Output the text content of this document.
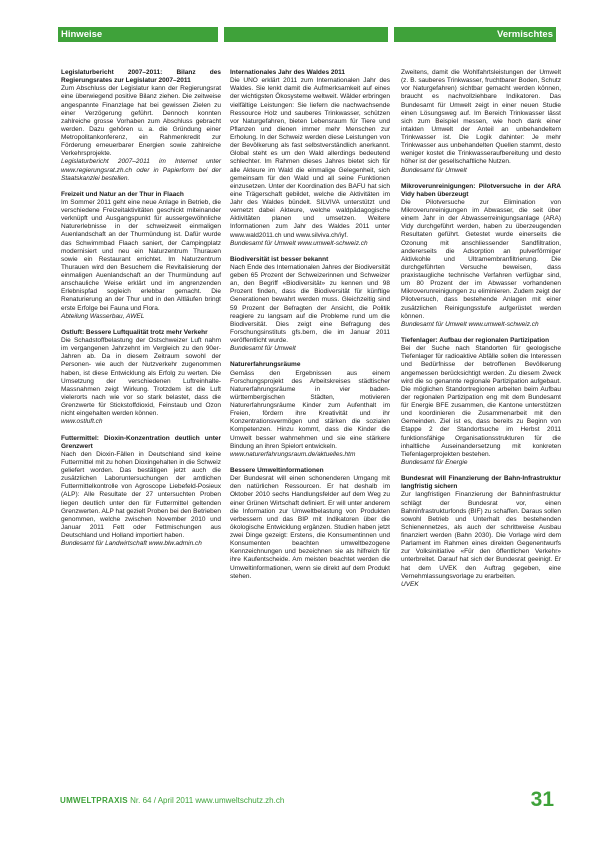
Hinweise	Vermischtes

Legislaturbericht 2007–2011: Bilanz des Regierungsrates zur Legislatur 2007–2011

Zum Abschluss der Legislatur kann der Regierungsrat eine überwiegend positive Bilanz ziehen. Die zeitweise angespannte Finanzlage hat bei gewissen Zielen zu einer Verzögerung geführt. Dennoch konnten zahlreiche grosse Vorhaben zum Abschluss gebracht werden. Dazu gehören u. a. die Gründung einer Metropolitankonferenz, ein Rahmenkredit zur Förderung erneuerbarer Energien sowie zahlreiche Verkehrsprojekte.

Legislaturbericht 2007–2011 im Internet unter www.regierungsrat.zh.ch oder in Papierform bei der Staatskanzlei bestellen.

Freizeit und Natur an der Thur in Flaach

Im Sommer 2011 geht eine neue Anlage in Betrieb, die verschiedene Freizeitaktivitäten geschickt miteinander verknüpft und Ausgangspunkt für aussergewöhnliche Naturerlebnisse in der schweizweit einmaligen Auenlandschaft an der Thurmündung ist. Dafür wurde das Schwimmbad Flaach saniert, der Campingplatz modernisiert und neu ein Naturzentrum Thurauen sowie ein Restaurant errichtet. Im Naturzentrum Thurauen wird den Besuchern die Revitalisierung der einmaligen Auenlandschaft an der Thurmündung auf anschauliche Weise erklärt und im angrenzenden Erlebnispfad sogleich erlebbar gemacht. Die Renaturierung an der Thur und in den Altläufen bringt erste Erfolge bei Fauna und Flora.

Abteilung Wasserbau, AWEL

Ostluft: Bessere Luftqualität trotz mehr Verkehr

Die Schadstoffbelastung der Ostschweizer Luft nahm im vergangenen Jahrzehnt im Vergleich zu den 90er-Jahren ab. Da in diesem Zeitraum sowohl der Personen- wie auch der Nutzverkehr zugenommen haben, ist diese Entwicklung als Erfolg zu werten. Die Umsetzung der verschiedenen Luftreinhalte-Massnahmen zeigt Wirkung. Trotzdem ist die Luft vielerorts nach wie vor so stark belastet, dass die Grenzwerte für Stickstoffdioxid, Feinstaub und Ozon nicht eingehalten werden können.

www.ostluft.ch

Futtermittel: Dioxin-Konzentration deutlich unter Grenzwert

Nach den Dioxin-Fällen in Deutschland sind keine Futtermittel mit zu hohen Dioxingehalten in die Schweiz geliefert worden. Das bestätigen jetzt auch die zusätzlichen Laboruntersuchungen der amtlichen Futtermittelkontrolle von Agroscope Liebefeld-Posieux (ALP): Alle Resultate der 27 untersuchten Proben liegen deutlich unter den für Futtermittel geltenden Grenzwerten. ALP hat gezielt Proben bei den Betrieben genommen, welche zwischen November 2010 und Januar 2011 Fett oder Fettmischungen aus Deutschland und Holland importiert haben.

Bundesamt für Landwirtschaft www.blw.admin.ch

Internationales Jahr des Waldes 2011

Die UNO erklärt 2011 zum Internationalen Jahr des Waldes. Sie lenkt damit die Aufmerksamkeit auf eines der wichtigsten Ökosysteme weltweit. Wälder erbringen vielfältige Leistungen: Sie liefern die nachwachsende Ressource Holz und sauberes Trinkwasser, schützen vor Naturgefahren, bieten Lebensraum für Tiere und Pflanzen und dienen immer mehr Menschen zur Erholung. In der Schweiz werden diese Leistungen von der Bevölkerung als fast selbstverständlich anerkannt. Global steht es um den Wald allerdings bedeutend schlechter. Im Rahmen dieses Jahres bietet sich für alle Akteure im Wald die einmalige Gelegenheit, sich gemeinsam für den Wald und all seine Funktionen einzusetzen. Unter der Koordination des BAFU hat sich eine Trägerschaft gebildet, welche die Aktivitäten im Jahr des Waldes bündelt. SILVIVA unterstützt und vernetzt dabei Akteure, welche waldpädagogische Aktivitäten planen und umsetzen. Weitere Informationen zum Jahr des Waldes 2011 unter www.wald2011.ch und www.silviva.ch/iyf.

Bundesamt für Umwelt www.umwelt-schweiz.ch

Biodiversität ist besser bekannt

Nach Ende des Internationalen Jahres der Biodiversität geben 65 Prozent der Schweizerinnen und Schweizer an, den Begriff «Biodiversität» zu kennen und 98 Prozent finden, dass die Biodiversität für künftige Generationen bewahrt werden muss. Gleichzeitig sind 59 Prozent der Befragten der Ansicht, die Politik reagiere zu langsam auf die Probleme rund um die Biodiversität. Dies zeigt eine Befragung des Forschungsinstituts gfs.bern, die im Januar 2011 veröffentlicht wurde.

Bundesamt für Umwelt

Naturerfahrungsräume

Gemäss den Ergebnissen aus einem Forschungsprojekt des Arbeitskreises städtischer Naturerfahrungsräume in vier baden-württembergischen Städten, motivieren Naturerfahrungsräume Kinder zum Aufenthalt im Freien, fördern ihre Kreativität und ihr Konzentrationsvermögen und stärken die sozialen Kompetenzen. Hinzu kommt, dass die Kinder die Umwelt besser wahrnehmen und sie eine stärkere Bindung an ihren Spielort entwickeln.

www.naturerfahrungsraum.de/aktuelles.htm

Bessere Umweltinformationen

Der Bundesrat will einen schonenderen Umgang mit den natürlichen Ressourcen. Er hat deshalb im Oktober 2010 sechs Handlungsfelder auf dem Weg zu einer Grünen Wirtschaft definiert. Er will unter anderem die Information zur Umweltbelastung von Produkten verbessern und das BIP mit Indikatoren über die ökologische Entwicklung ergänzen. Studien haben jetzt zwei Dinge gezeigt: Erstens, die Konsumentinnen und Konsumenten beachten umweltbezogene Kennzeichnungen und bezeichnen sie als hilfreich für ihre Kaufentscheide. Am meisten beachtet werden die Umweltinformationen, wenn sie direkt auf dem Produkt stehen.

Zweitens, damit die Wohlfahrtsleistungen der Umwelt (z. B. sauberes Trinkwasser, fruchtbarer Boden, Schutz vor Naturgefahren) sichtbar gemacht werden können, braucht es nachvollziehbare Indikatoren. Das Bundesamt für Umwelt zeigt in einer neuen Studie einen Lösungsweg auf. Im Bereich Trinkwasser lässt sich zum Beispiel messen, wie hoch dank einer intakten Umwelt der Anteil an unbehandeltem Trinkwasser ist. Die Logik dahinter: Je mehr Trinkwasser aus unbehandelten Quellen stammt, desto weniger kostet die Trinkwasseraufbereitung und desto höher ist der gesellschaftliche Nutzen.

Bundesamt für Umwelt

Mikroverunreinigungen: Pilotversuche in der ARA Vidy haben überzeugt

Die Pilotversuche zur Elimination von Mikroverunreinigungen im Abwasser, die seit über einem Jahr in der Abwasserreinigungsanlage (ARA) Vidy durchgeführt werden, haben zu überzeugenden Resultaten geführt. Getestet wurde einerseits die Ozonung mit anschliessender Sandfiltration, andererseits die Adsorption an pulverförmiger Aktivkohle und Ultramembranfiltrierung. Die durchgeführten Versuche beweisen, dass praxistaugliche technische Verfahren verfügbar sind, um 80 Prozent der im Abwasser vorhandenen Mikroverunreinigungen zu eliminieren. Zudem zeigt der Pilotversuch, dass bestehende Anlagen mit einer zusätzlichen Reinigungsstufe aufgerüstet werden können.

Bundesamt für Umwelt www.umwelt-schweiz.ch

Tiefenlager: Aufbau der regionalen Partizipation

Bei der Suche nach Standorten für geologische Tiefenlager für radioaktive Abfälle sollen die Interessen und Bedürfnisse der betroffenen Bevölkerung angemessen berücksichtigt werden. Zu diesem Zweck wird die so genannte regionale Partizipation aufgebaut. Die möglichen Standortregionen arbeiten beim Aufbau der regionalen Partizipation eng mit dem Bundesamt für Energie BFE zusammen, die Kantone unterstützen und koordinieren die Zusammenarbeit mit den Gemeinden. Ziel ist es, dass bereits zu Beginn von Etappe 2 der Standortsuche im Herbst 2011 funktionsfähige Organisationsstrukturen für die inhaltliche Auseinandersetzung mit konkreten Tiefenlagerprojekten bestehen.

Bundesamt für Energie

Bundesrat will Finanzierung der Bahn-Infrastruktur langfristig sichern

Zur langfristigen Finanzierung der Bahninfrastruktur schlägt der Bundesrat vor, einen Bahninfrastrukturfonds (BIF) zu schaffen. Daraus sollen sowohl Betrieb und Unterhalt des bestehenden Schienennetzes, als auch der schrittweise Ausbau finanziert werden (Bahn 2030). Die Vorlage wird dem Parlament im Rahmen eines direkten Gegenentwurfs zur Volksinitiative «Für den öffentlichen Verkehr» unterbreitet. Darauf hat sich der Bundesrat geeinigt. Er hat dem UVEK den Auftrag gegeben, eine Vernehmlassungsvorlage zu erarbeiten.

UVEK

UMWELTPRAXIS Nr. 64 / April 2011 www.umweltschutz.zh.ch	31
